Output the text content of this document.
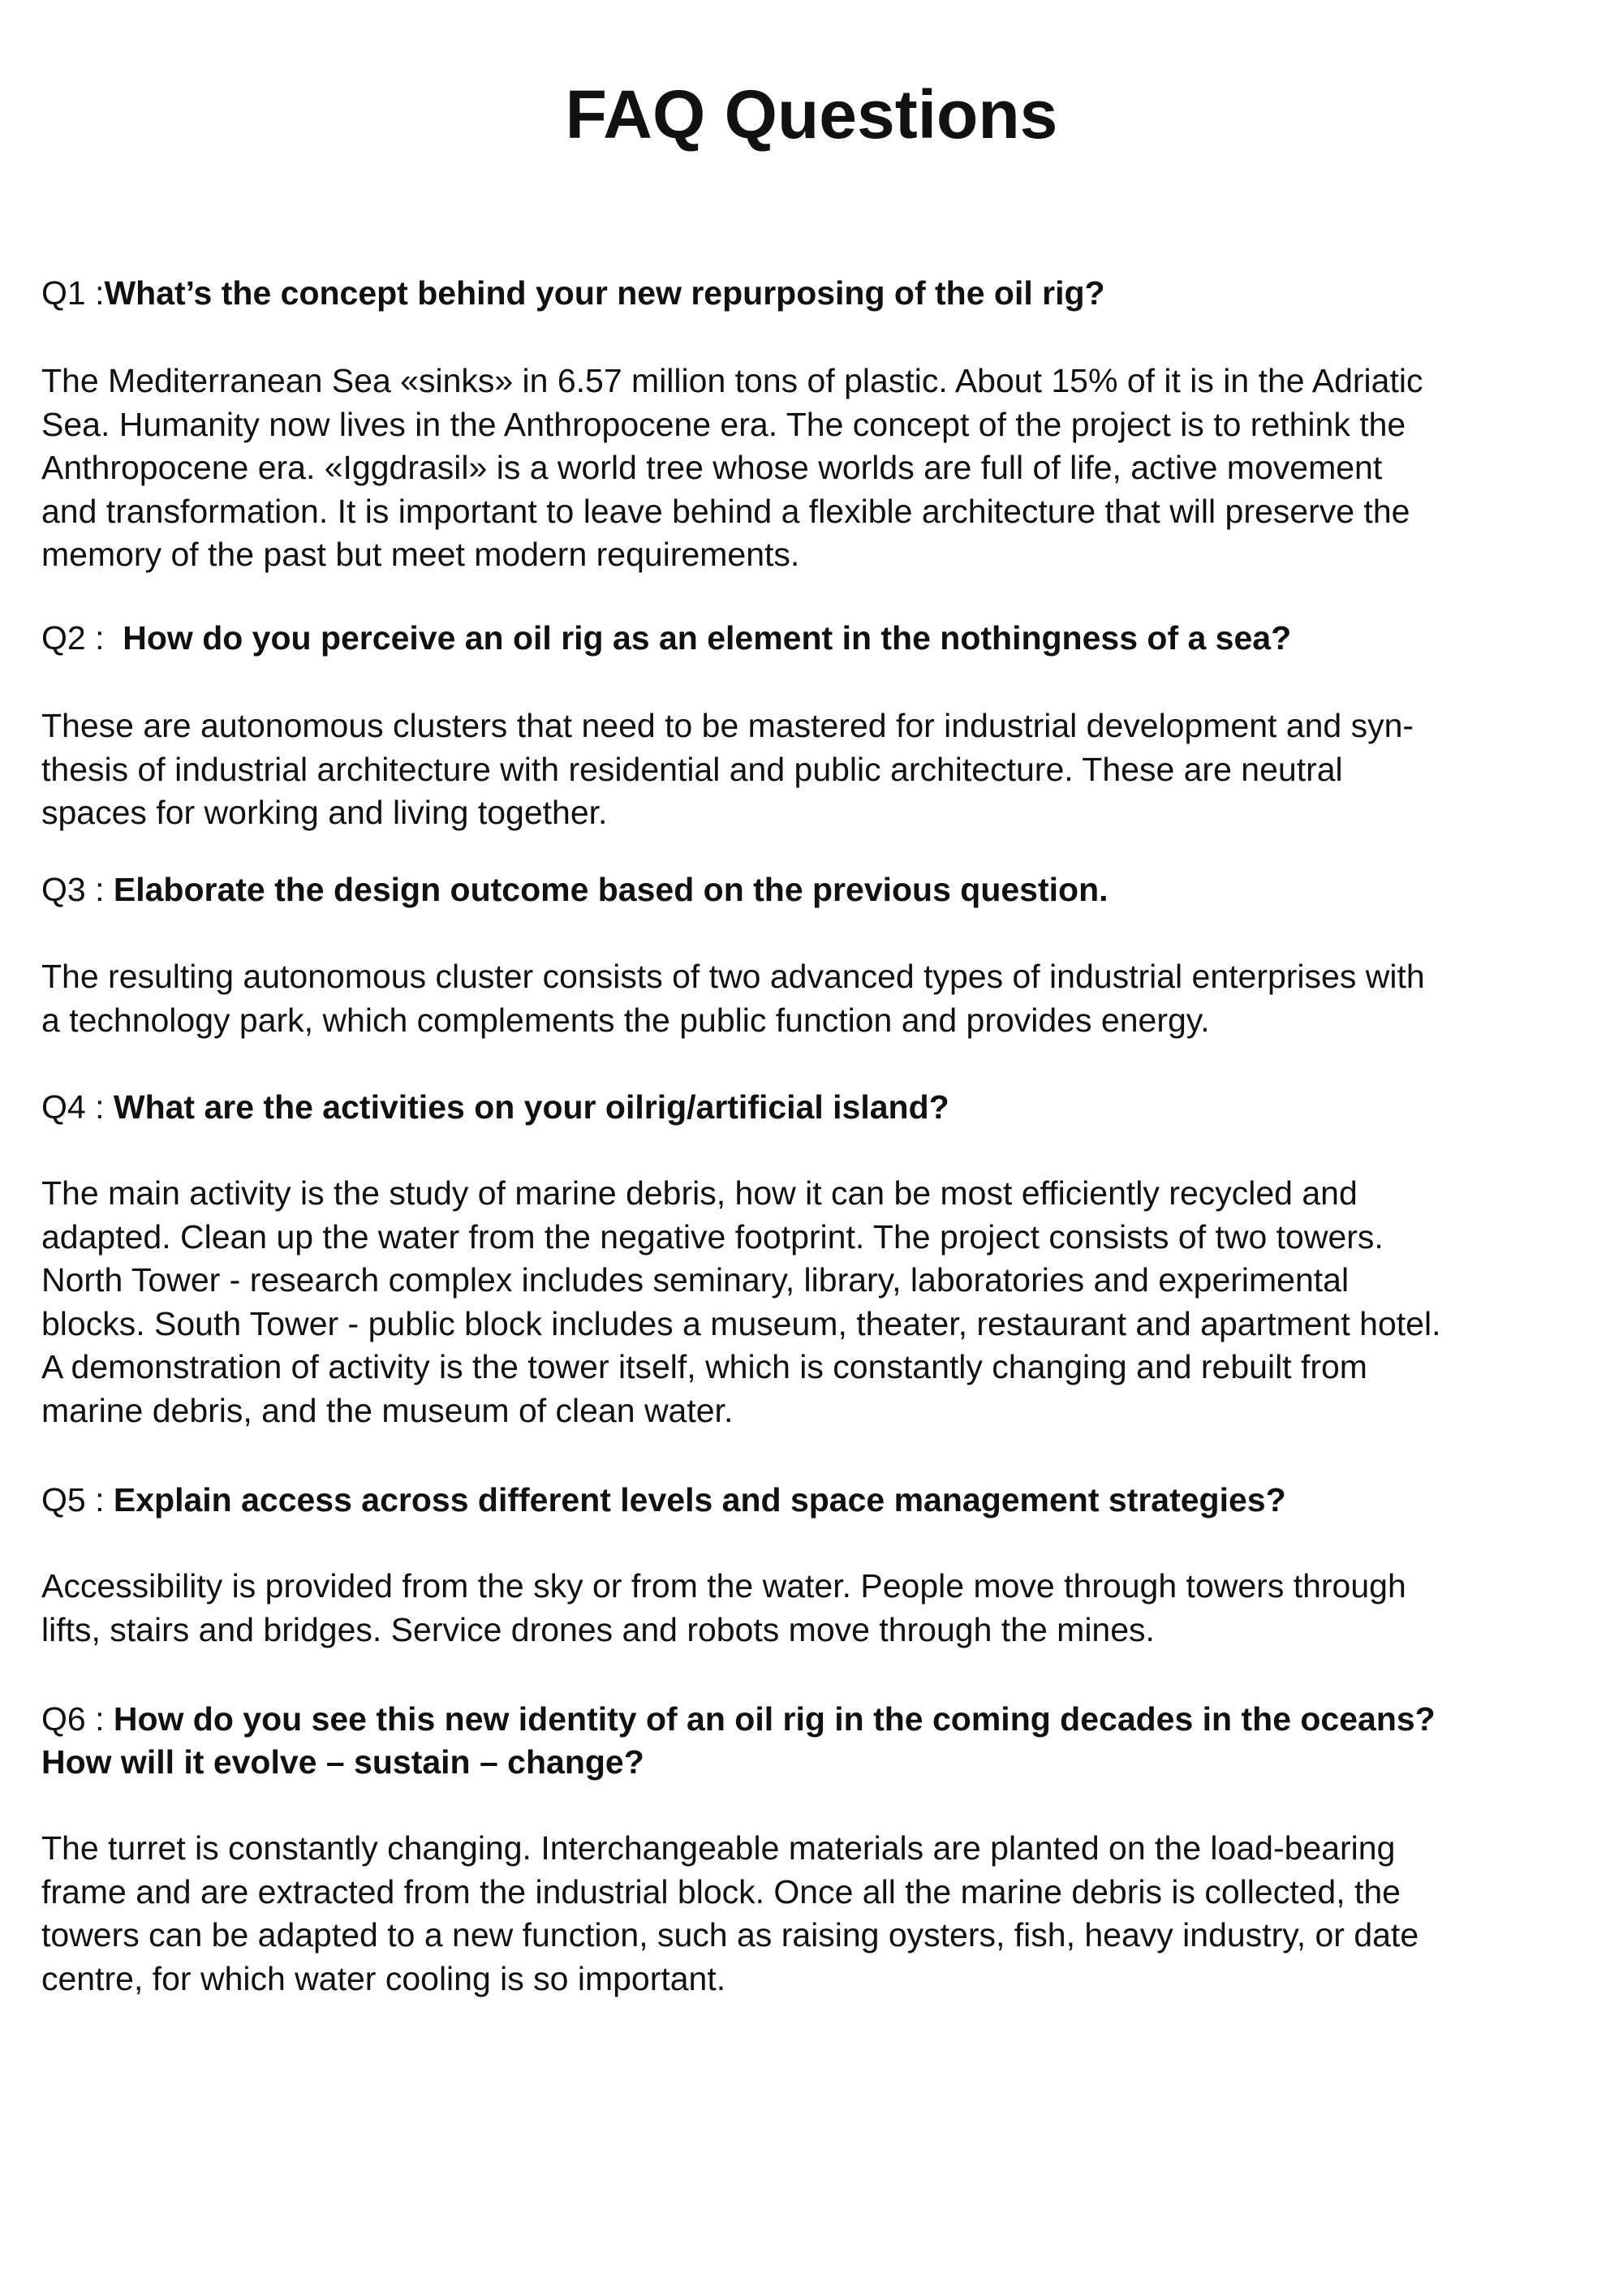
FAQ Questions

Q1 :What’s the concept behind your new repurposing of the oil rig?

The Mediterranean Sea «sinks» in 6.57 million tons of plastic. About 15% of it is in the Adriatic

Sea. Humanity now lives in the Anthropocene era. The concept of the project is to rethink the

Anthropocene era. «Iggdrasil» is a world tree whose worlds are full of life, active movement

and transformation. It is important to leave behind a flexible architecture that will preserve the

memory of the past but meet modern requirements.

Q2 :  How do you perceive an oil rig as an element in the nothingness of a sea?

These are autonomous clusters that need to be mastered for industrial development and syn-

thesis of industrial architecture with residential and public architecture. These are neutral

spaces for working and living together.

Q3 : Elaborate the design outcome based on the previous question.

The resulting autonomous cluster consists of two advanced types of industrial enterprises with

a technology park, which complements the public function and provides energy.

Q4 : What are the activities on your oilrig/artificial island?

The main activity is the study of marine debris, how it can be most efficiently recycled and

adapted. Clean up the water from the negative footprint. The project consists of two towers.

North Tower - research complex includes seminary, library, laboratories and experimental

blocks. South Tower - public block includes a museum, theater, restaurant and apartment hotel.

A demonstration of activity is the tower itself, which is constantly changing and rebuilt from

marine debris, and the museum of clean water.

Q5 : Explain access across different levels and space management strategies?

Accessibility is provided from the sky or from the water. People move through towers through

lifts, stairs and bridges. Service drones and robots move through the mines.

Q6 : How do you see this new identity of an oil rig in the coming decades in the oceans?

How will it evolve – sustain – change?

The turret is constantly changing. Interchangeable materials are planted on the load-bearing

frame and are extracted from the industrial block. Once all the marine debris is collected, the

towers can be adapted to a new function, such as raising oysters, fish, heavy industry, or date

centre, for which water cooling is so important.
